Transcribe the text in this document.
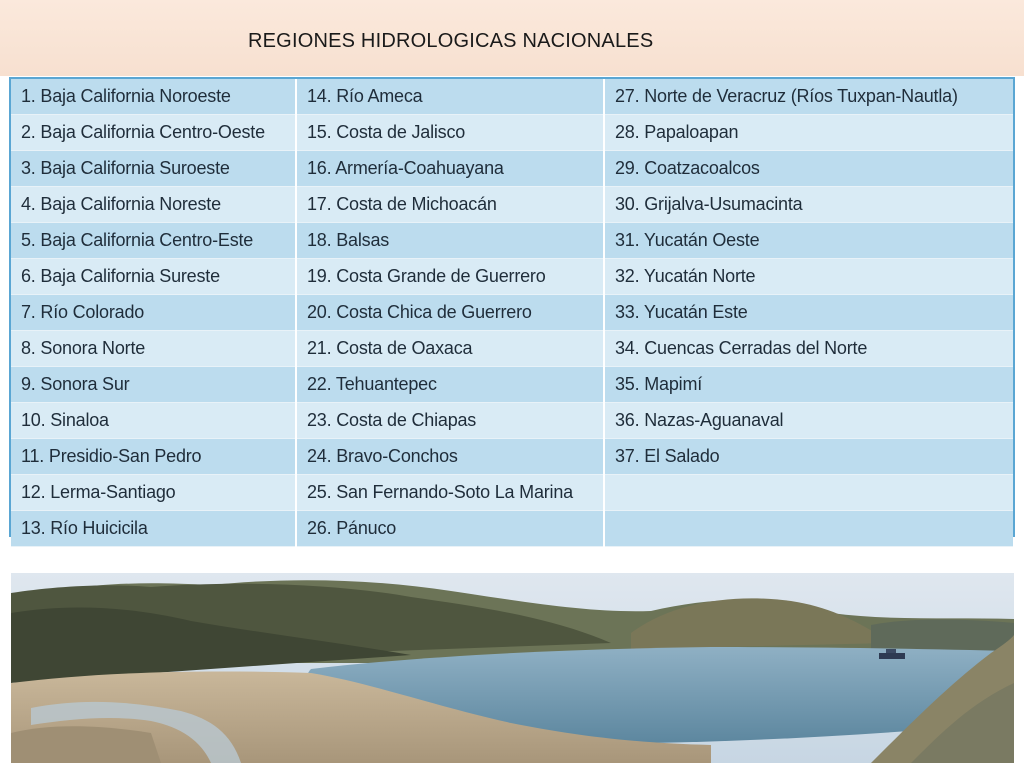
REGIONES HIDROLOGICAS NACIONALES
1. Baja California Noroeste	14. Río Ameca	27. Norte de Veracruz (Ríos Tuxpan-Nautla)
2. Baja California Centro-Oeste	15. Costa de Jalisco	28. Papaloapan
3. Baja California Suroeste	16. Armería-Coahuayana	29. Coatzacoalcos
4. Baja California Noreste	17. Costa de Michoacán	30. Grijalva-Usumacinta
5. Baja California Centro-Este	18. Balsas	31. Yucatán Oeste
6. Baja California Sureste	19. Costa Grande de Guerrero	32. Yucatán Norte
7. Río Colorado	20. Costa Chica de Guerrero	33. Yucatán Este
8. Sonora Norte	21. Costa de Oaxaca	34. Cuencas Cerradas del Norte
9. Sonora Sur	22. Tehuantepec	35. Mapimí
10. Sinaloa	23. Costa de Chiapas	36. Nazas-Aguanaval
11. Presidio-San Pedro	24. Bravo-Conchos	37. El Salado
12. Lerma-Santiago	25. San Fernando-Soto La Marina	
13. Río Huicicila	26. Pánuco	
